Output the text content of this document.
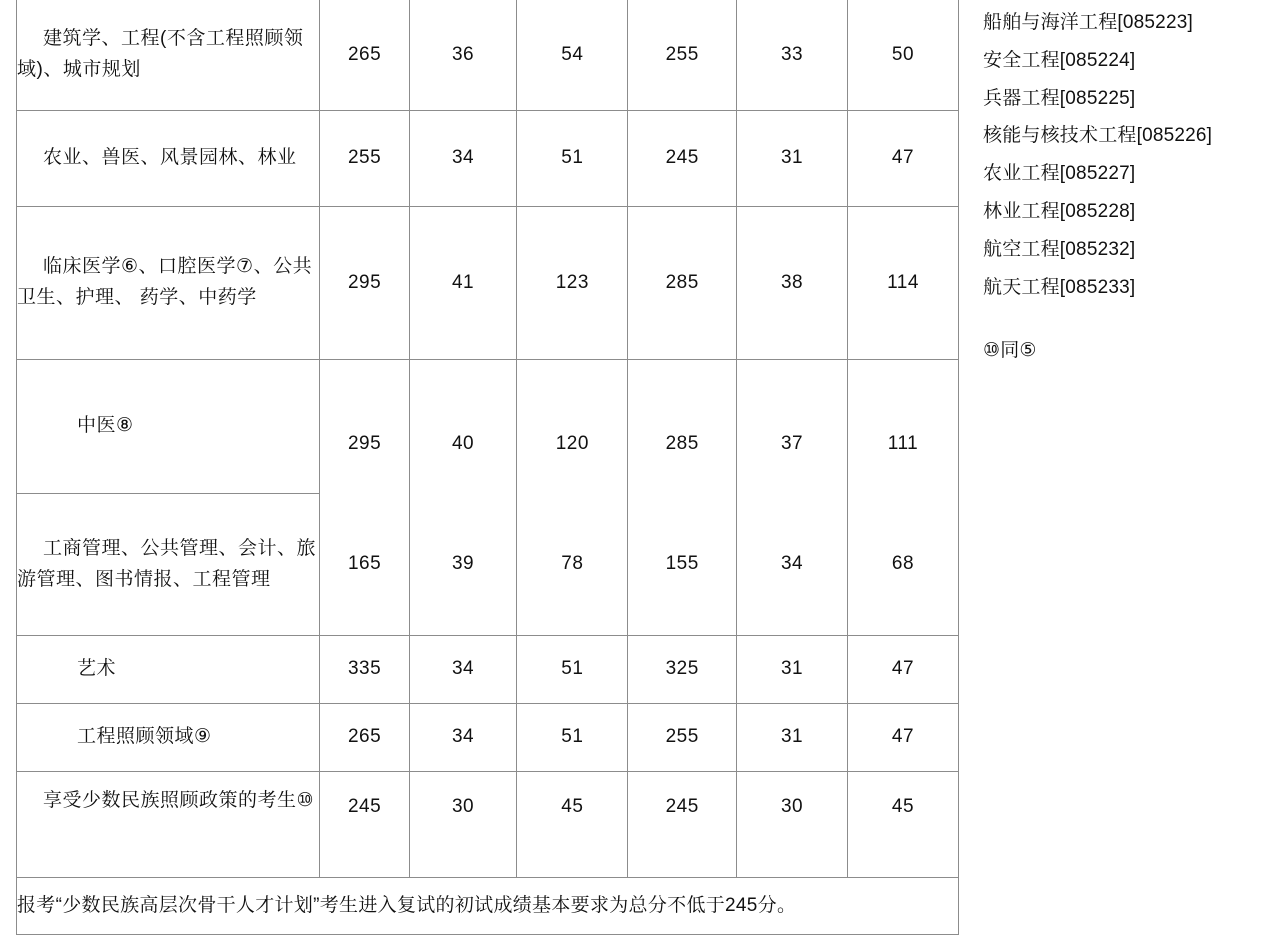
建筑学、工程(不含工程照顾领域)、城市规划	265	36	54	255	33	50
农业、兽医、风景园林、林业	255	34	51	245	31	47
临床医学⑥、口腔医学⑦、公共卫生、护理、 药学、中药学	295	41	123	285	38	114
中医⑧	295	40	120	285	37	111
工商管理、公共管理、会计、旅游管理、图书情报、工程管理	165	39	78	155	34	68
艺术	335	34	51	325	31	47
工程照顾领域⑨	265	34	51	255	31	47
享受少数民族照顾政策的考生⑩	245	30	45	245	30	45
报考“少数民族高层次骨干人才计划”考生进入复试的初试成绩基本要求为总分不低于245分。						
船舶与海洋工程[085223]
安全工程[085224]
兵器工程[085225]
核能与核技术工程[085226]
农业工程[085227]
林业工程[085228]
航空工程[085232]
航天工程[085233]
⑩同⑤
